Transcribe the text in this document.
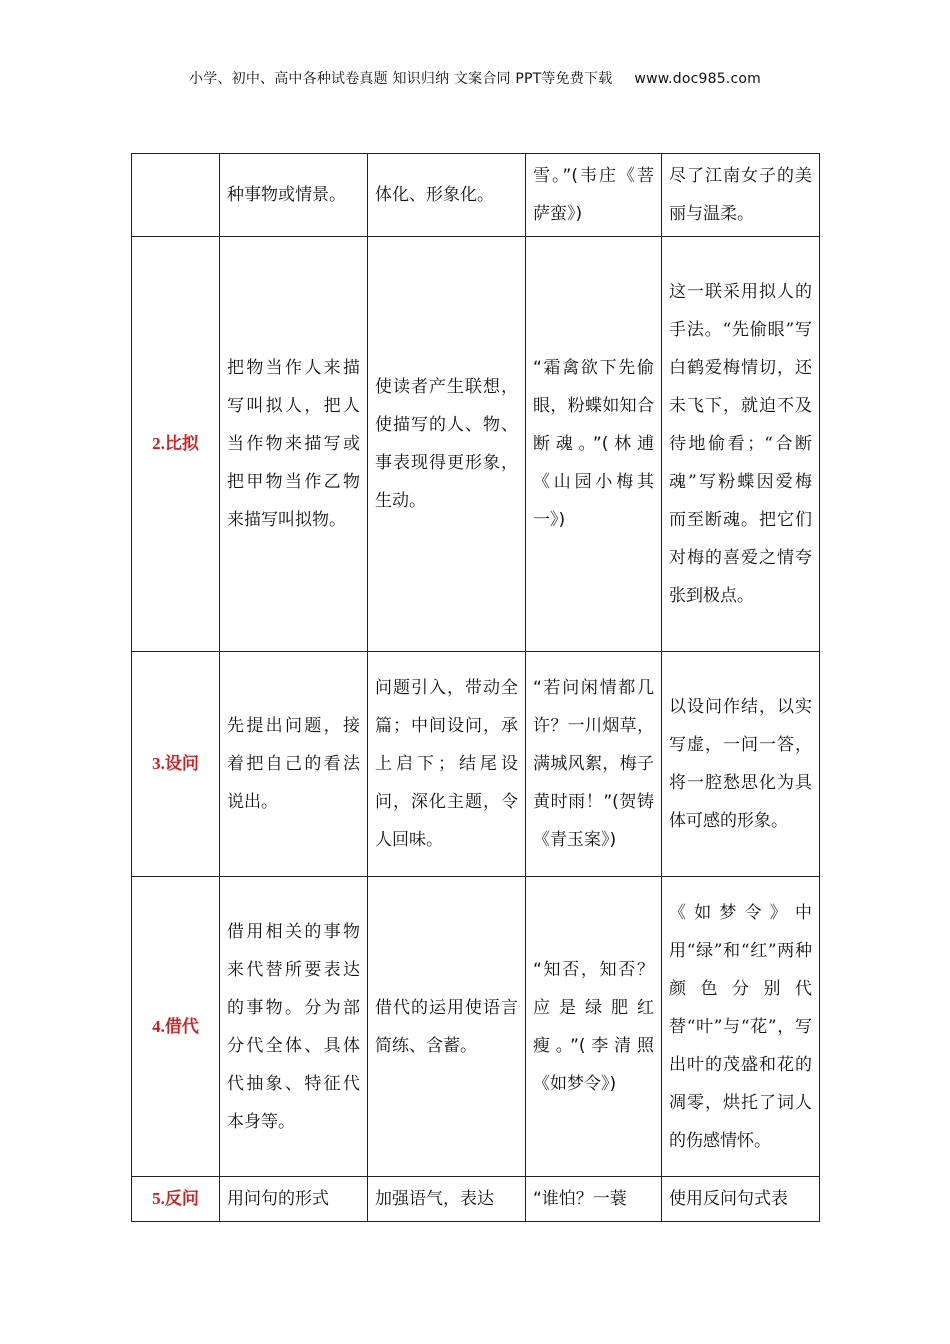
小学、初中、高中各种试卷真题 知识归纳 文案合同 PPT等免费下载 www.doc985.com
	种事物或情景。	体化、形象化。	雪。”(韦庄《菩萨蛮》)	尽了江南女子的美丽与温柔。
2.比拟	把物当作人来描写叫拟人，把人当作物来描写或把甲物当作乙物来描写叫拟物。	使读者产生联想，使描写的人、物、事表现得更形象，生动。	“霜禽欲下先偷眼，粉蝶如知合断魂。”(林逋《山园小梅其一》)	这一联采用拟人的手法。“先偷眼”写白鹤爱梅情切，还未飞下，就迫不及待地偷看；“合断魂”写粉蝶因爱梅而至断魂。把它们对梅的喜爱之情夸张到极点。
3.设问	先提出问题，接着把自己的看法说出。	问题引入，带动全篇；中间设问，承上启下；结尾设问，深化主题，令人回味。	“若问闲情都几许？一川烟草，满城风絮，梅子黄时雨！”(贺铸《青玉案》)	以设问作结，以实写虚，一问一答，将一腔愁思化为具体可感的形象。
4.借代	借用相关的事物来代替所要表达的事物。分为部分代全体、具体代抽象、特征代本身等。	借代的运用使语言简练、含蓄。	“知否，知否？应是绿肥红瘦。”(李清照《如梦令》)	《如梦令》中用“绿”和“红”两种颜色分别代替“叶”与“花”，写出叶的茂盛和花的凋零，烘托了词人的伤感情怀。
5.反问	用问句的形式	加强语气，表达	“谁怕？一蓑	使用反问句式表
